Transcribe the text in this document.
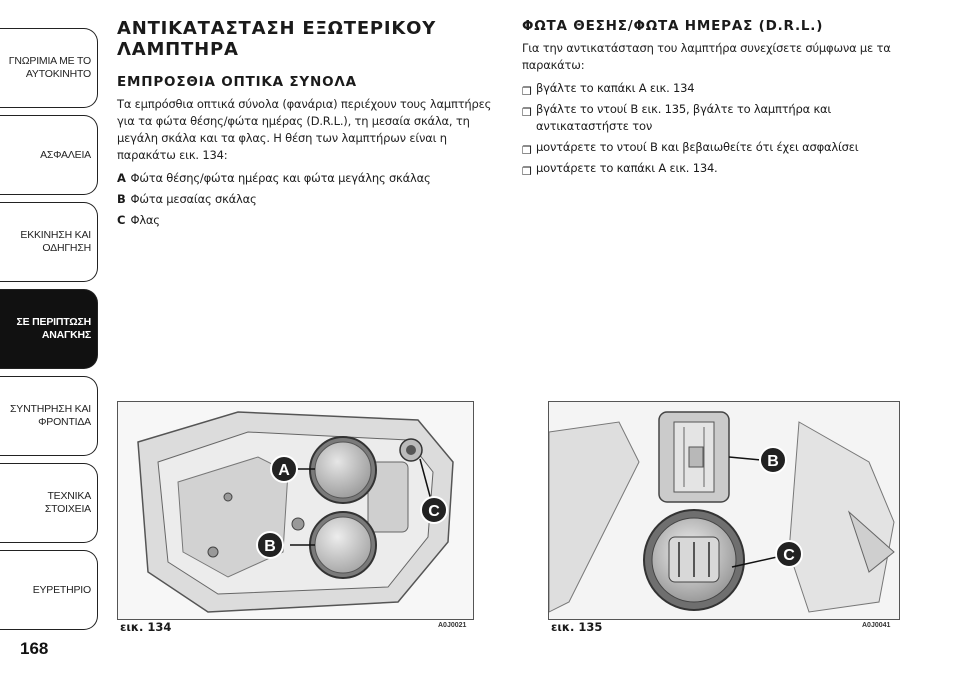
ΓΝΩΡΙΜΙΑ ΜΕ ΤΟ ΑΥΤΟΚΙΝΗΤΟ
ΑΣΦΑΛΕΙΑ
ΕΚΚΙΝΗΣΗ ΚΑΙ ΟΔΗΓΗΣΗ
ΣΕ ΠΕΡΙΠΤΩΣΗ ΑΝΑΓΚΗΣ
ΣΥΝΤΗΡΗΣΗ ΚΑΙ ΦΡΟΝΤΙΔΑ
ΤΕΧΝΙΚΑ ΣΤΟΙΧΕΙΑ
ΕΥΡΕΤΗΡΙΟ
168
ΑΝΤΙΚΑΤΑΣΤΑΣΗ ΕΞΩΤΕΡΙΚΟΥ ΛΑΜΠΤΗΡΑ
ΕΜΠΡΟΣΘΙΑ ΟΠΤΙΚΑ ΣΥΝΟΛΑ

Τα εμπρόσθια οπτικά σύνολα (φανάρια) περιέχουν τους λαμπτήρες για τα φώτα θέσης/φώτα ημέρας (D.R.L.), τη μεσαία σκάλα, τη μεγάλη σκάλα και τα φλας. Η θέση των λαμπτήρων είναι η παρακάτω εικ. 134:

A Φώτα θέσης/φώτα ημέρας και φώτα μεγάλης σκάλας
B Φώτα μεσαίας σκάλας
C Φλας
ΦΩΤΑ ΘΕΣΗΣ/ΦΩΤΑ ΗΜΕΡΑΣ (D.R.L.)

Για την αντικατάσταση του λαμπτήρα συνεχίσετε σύμφωνα με τα παρακάτω:

❒ βγάλτε το καπάκι A εικ. 134
❒ βγάλτε το ντουί B εικ. 135, βγάλτε το λαμπτήρα και αντικαταστήστε τον
❒ μοντάρετε το ντουί B και βεβαιωθείτε ότι έχει ασφαλίσει
❒ μοντάρετε το καπάκι A εικ. 134.
A
B
C
εικ. 134	A0J0021
B
C
εικ. 135	A0J0041
